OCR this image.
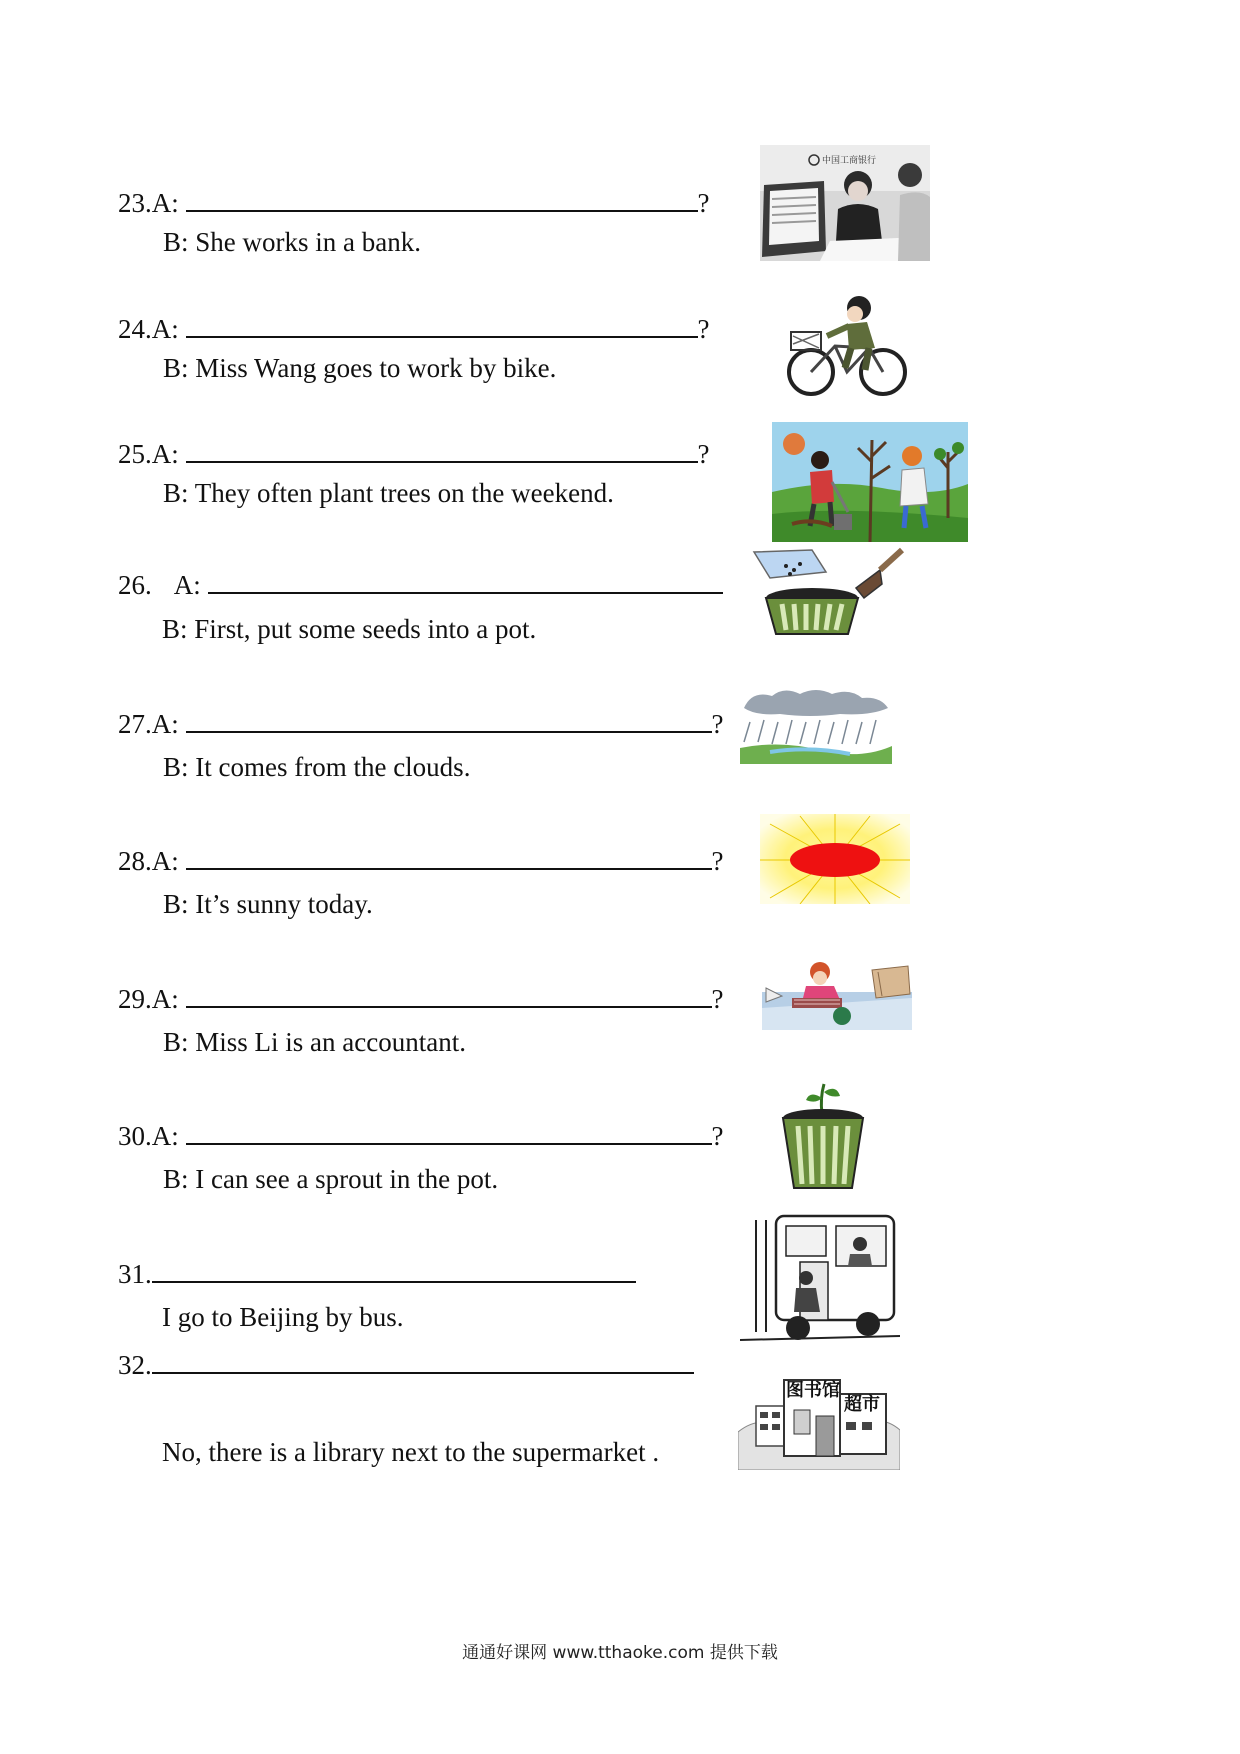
23.A:	?
B: She works in a bank.
中国工商银行
24.A:	?
B: Miss Wang goes to work by bike.
25.A:	?
B: They often plant trees on the weekend.
26. A:
B: First, put some seeds into a pot.
27.A:	?
B: It comes from the clouds.
28.A:	?
B: It’s sunny today.
29.A:	?
B: Miss Li is an accountant.
30.A:	?
B: I can see a sprout in the pot.
31.
I go to Beijing by bus.
32.
No, there is a library next to the supermarket .
图书馆
超市
通通好课网 www.tthaoke.com 提供下载
